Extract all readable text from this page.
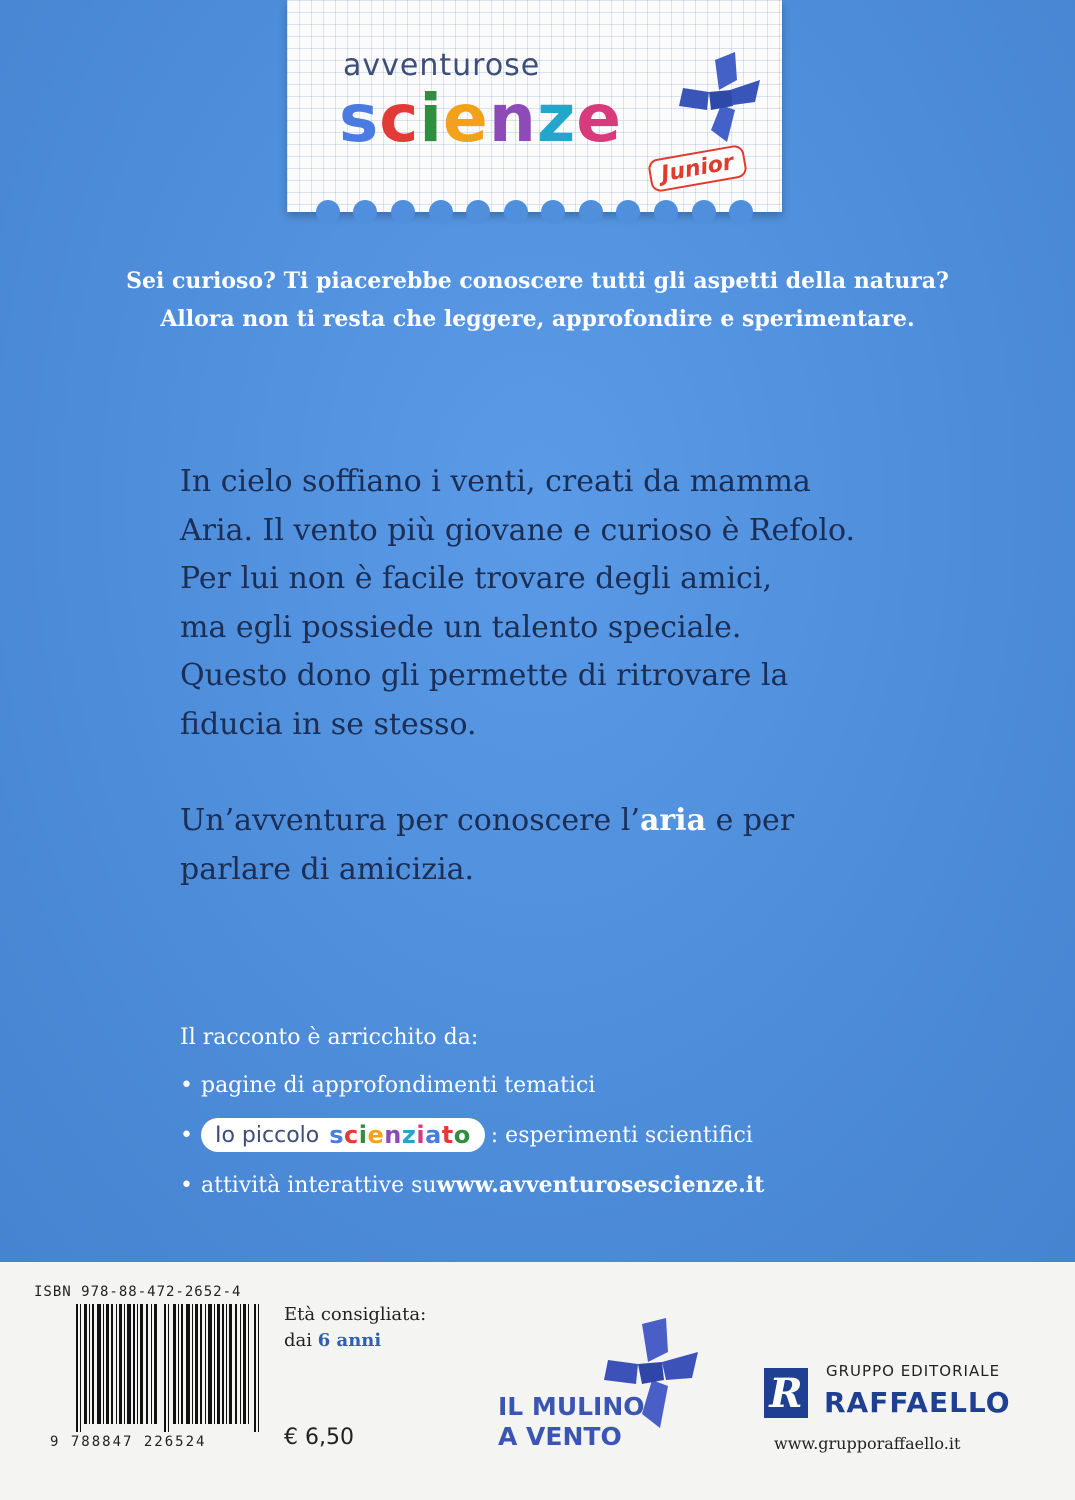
avventurose
scienze
Junior
Sei curioso? Ti piacerebbe conoscere tutti gli aspetti della natura?
Allora non ti resta che leggere, approfondire e sperimentare.

In cielo soffiano i venti, creati da mamma

Aria. Il vento più giovane e curioso è Refolo.

Per lui non è facile trovare degli amici,

ma egli possiede un talento speciale.

Questo dono gli permette di ritrovare la

fiducia in se stesso.

Un’avventura per conoscere l’aria e per

parlare di amicizia.

Il racconto è arricchito da:
• pagine di approfondimenti tematici
• Io piccolo scienziato : esperimenti scientifici
• attività interattive su www.avventurosescienze.it
ISBN 978-88-472-2652-4
9 788847 226524
Età consigliata:
dai 6 anni
€ 6,50
IL MULINO
A VENTO
R	GRUPPO EDITORIALE
RAFFAELLO
www.grupporaffaello.it
